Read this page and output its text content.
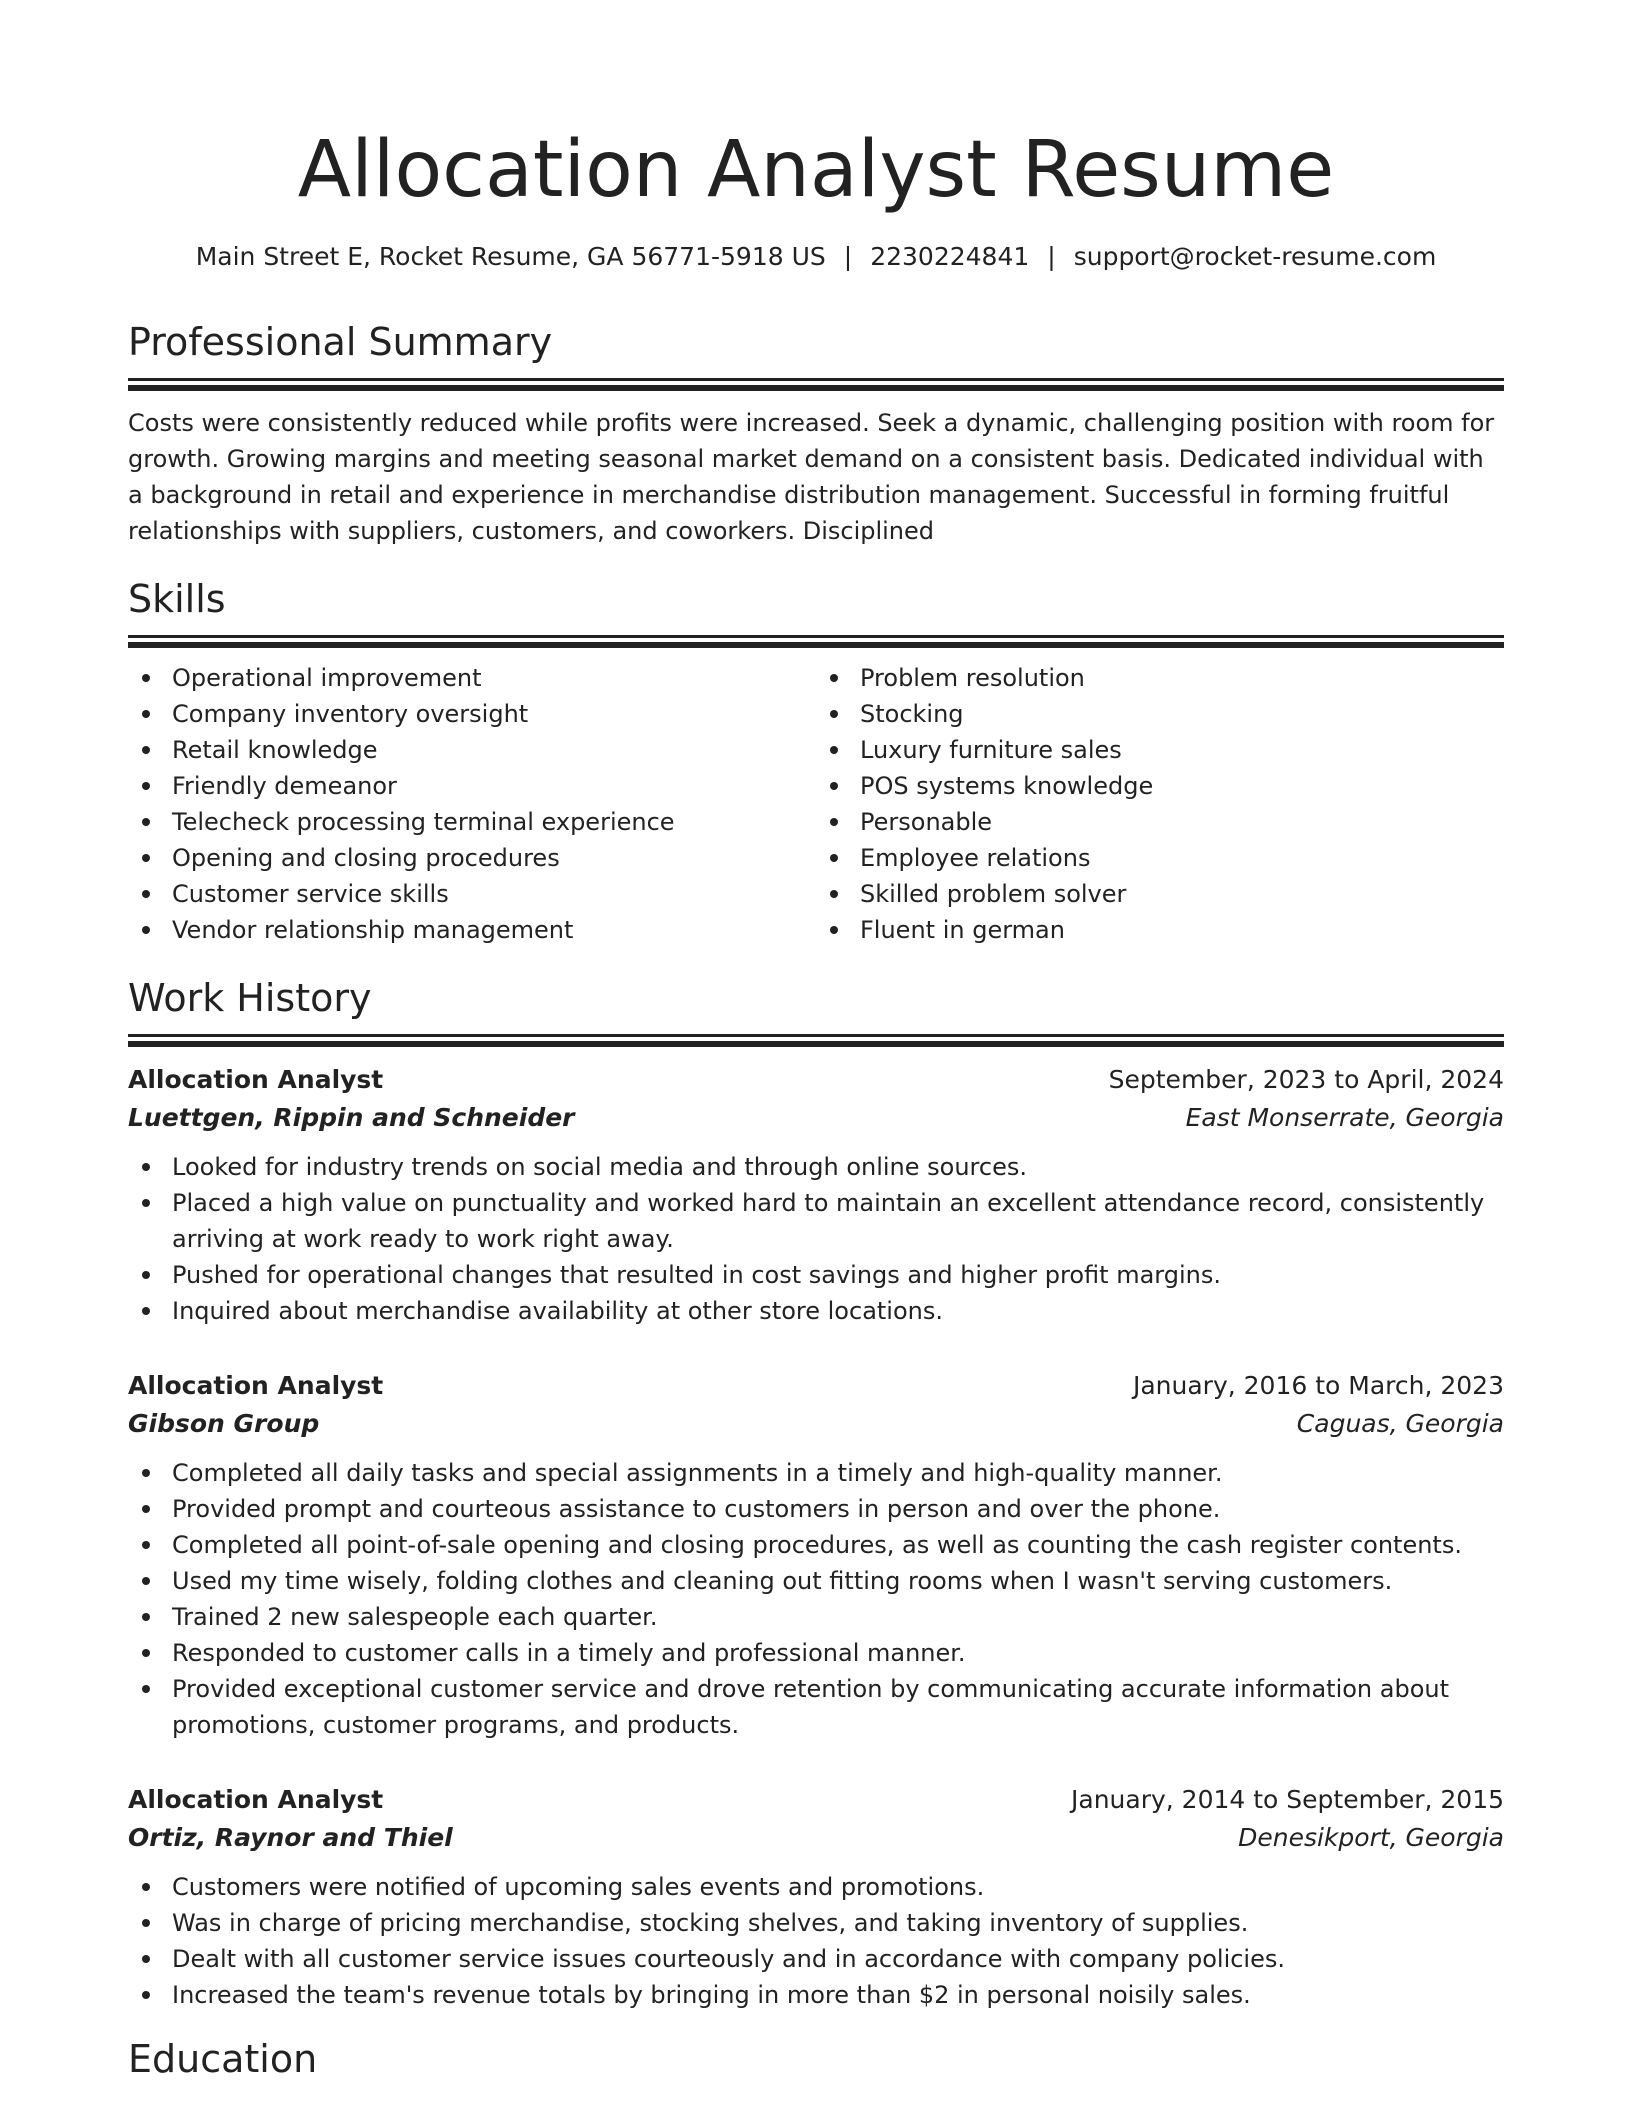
Allocation Analyst Resume
Main Street E, Rocket Resume, GA 56771-5918 US | 2230224841 | support@rocket-resume.com
Professional Summary
Costs were consistently reduced while profits were increased. Seek a dynamic, challenging position with room for growth. Growing margins and meeting seasonal market demand on a consistent basis. Dedicated individual with a background in retail and experience in merchandise distribution management. Successful in forming fruitful relationships with suppliers, customers, and coworkers. Disciplined
Skills
Operational improvement
Company inventory oversight
Retail knowledge
Friendly demeanor
Telecheck processing terminal experience
Opening and closing procedures
Customer service skills
Vendor relationship management
Problem resolution
Stocking
Luxury furniture sales
POS systems knowledge
Personable
Employee relations
Skilled problem solver
Fluent in german
Work History
Allocation Analyst	September, 2023 to April, 2024
Luettgen, Rippin and Schneider	East Monserrate, Georgia
Looked for industry trends on social media and through online sources.
Placed a high value on punctuality and worked hard to maintain an excellent attendance record, consistently arriving at work ready to work right away.
Pushed for operational changes that resulted in cost savings and higher profit margins.
Inquired about merchandise availability at other store locations.
Allocation Analyst	January, 2016 to March, 2023
Gibson Group	Caguas, Georgia
Completed all daily tasks and special assignments in a timely and high-quality manner.
Provided prompt and courteous assistance to customers in person and over the phone.
Completed all point-of-sale opening and closing procedures, as well as counting the cash register contents.
Used my time wisely, folding clothes and cleaning out fitting rooms when I wasn't serving customers.
Trained 2 new salespeople each quarter.
Responded to customer calls in a timely and professional manner.
Provided exceptional customer service and drove retention by communicating accurate information about promotions, customer programs, and products.
Allocation Analyst	January, 2014 to September, 2015
Ortiz, Raynor and Thiel	Denesikport, Georgia
Customers were notified of upcoming sales events and promotions.
Was in charge of pricing merchandise, stocking shelves, and taking inventory of supplies.
Dealt with all customer service issues courteously and in accordance with company policies.
Increased the team's revenue totals by bringing in more than $2 in personal noisily sales.
Education
